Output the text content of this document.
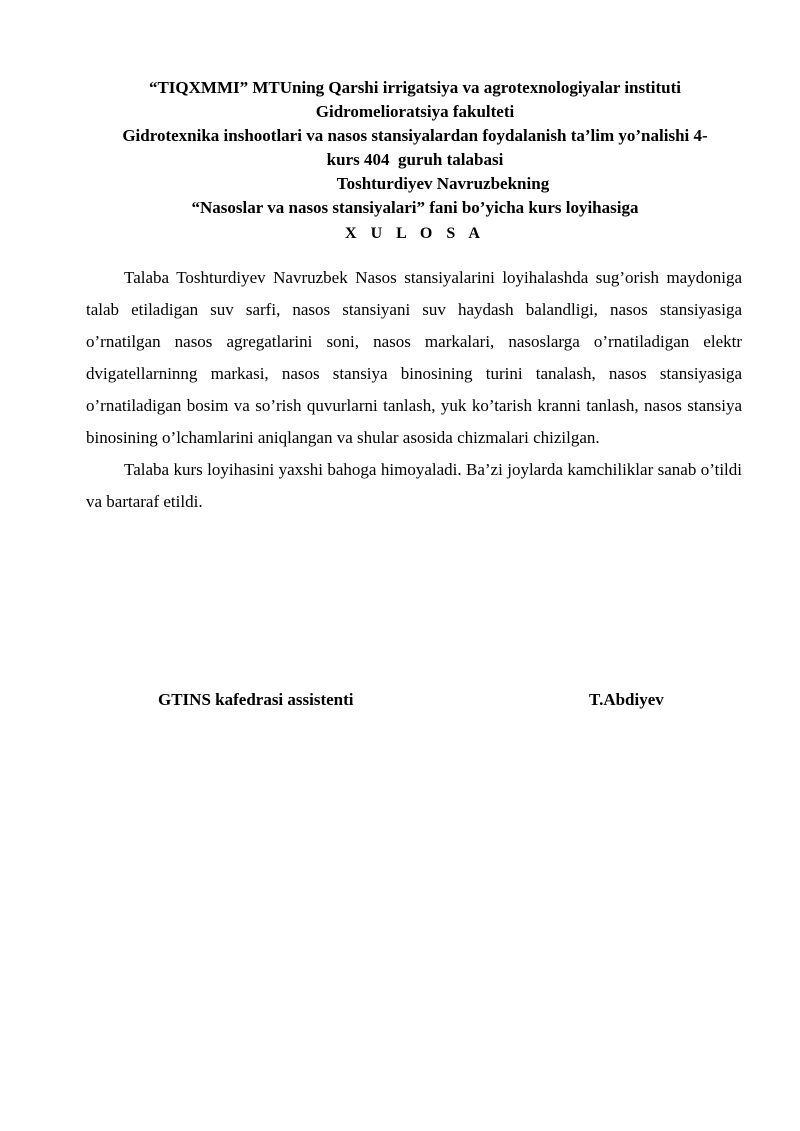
“TIQXMMI” MTUning Qarshi irrigatsiya va agrotexnologiyalar instituti
Gidromelioratsiya fakulteti
Gidrotexnika inshootlari va nasos stansiyalardan foydalanish ta’lim yo’nalishi 4-
kurs 404  guruh talabasi
Toshturdiyev Navruzbekning
“Nasoslar va nasos stansiyalari” fani bo’yicha kurs loyihasiga
X U L O S A

Talaba Toshturdiyev Navruzbek Nasos stansiyalarini loyihalashda sug’orish maydoniga talab etiladigan suv sarfi, nasos stansiyani suv haydash balandligi, nasos stansiyasiga o’rnatilgan nasos agregatlarini soni, nasos markalari, nasoslarga o’rnatiladigan elektr dvigatellarninng markasi, nasos stansiya binosining turini tanalash, nasos stansiyasiga o’rnatiladigan bosim va so’rish quvurlarni tanlash, yuk ko’tarish kranni tanlash, nasos stansiya binosining o’lchamlarini aniqlangan va shular asosida chizmalari chizilgan.

Talaba kurs loyihasini yaxshi bahoga himoyaladi. Ba’zi joylarda kamchiliklar sanab o’tildi va bartaraf etildi.

GTINS kafedrasi assistenti	T.Abdiyev
